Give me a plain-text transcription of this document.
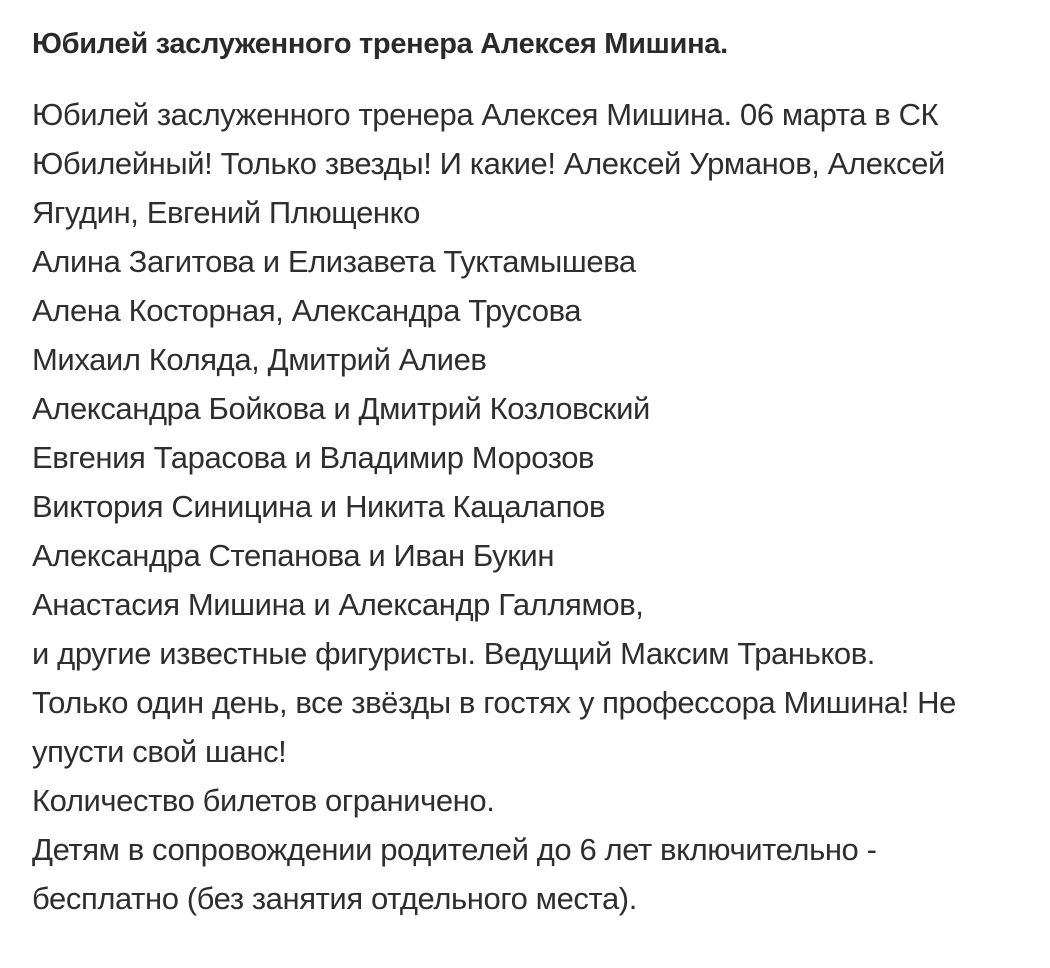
Юбилей заслуженного тренера Алексея Мишина.
Юбилей заслуженного тренера Алексея Мишина. 06 марта в СК
Юбилейный! Только звезды! И какие! Алексей Урманов, Алексей
Ягудин, Евгений Плющенко
Алина Загитова и Елизавета Туктамышева
Алена Косторная, Александра Трусова
Михаил Коляда, Дмитрий Алиев
Александра Бойкова и Дмитрий Козловский
Евгения Тарасова и Владимир Морозов
Виктория Синицина и Никита Кацалапов
Александра Степанова и Иван Букин
Анастасия Мишина и Александр Галлямов,
и другие известные фигуристы. Ведущий Максим Траньков.
Только один день, все звёзды в гостях у профессора Мишина! Не
упусти свой шанс!
Количество билетов ограничено.
Детям в сопровождении родителей до 6 лет включительно -
бесплатно (без занятия отдельного места).
